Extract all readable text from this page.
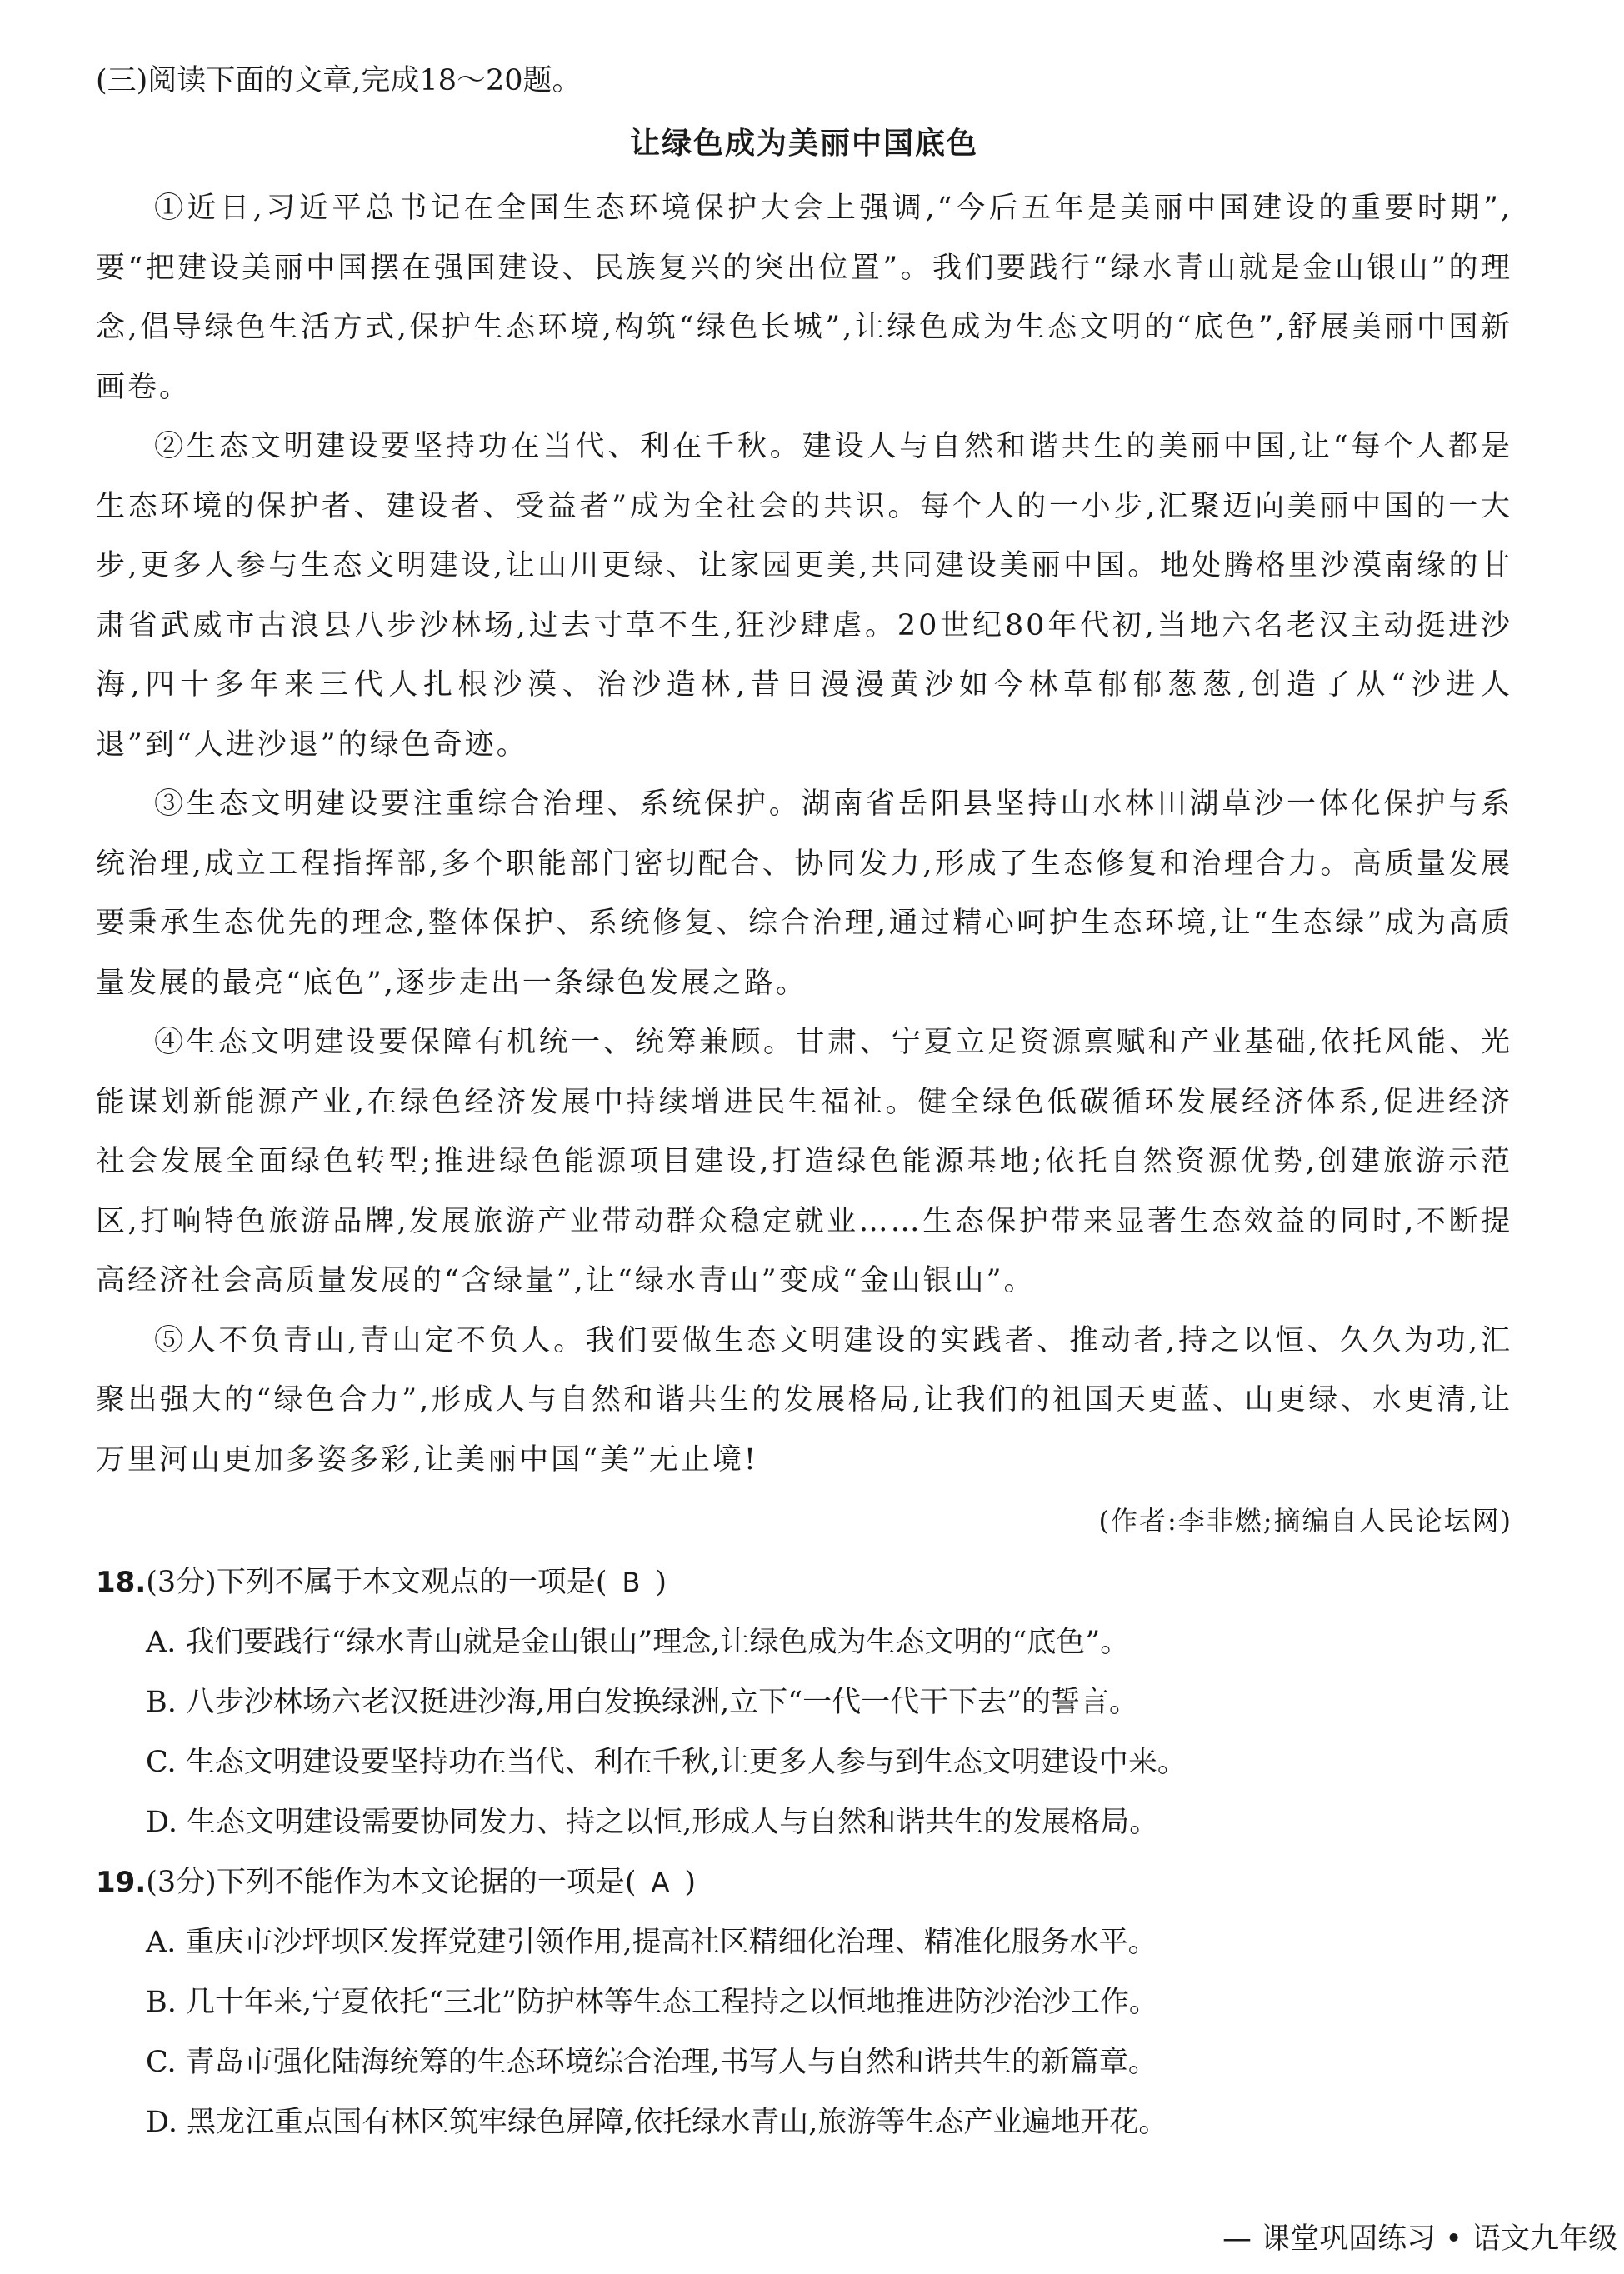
(三)阅读下面的文章,完成18～20题。

让绿色成为美丽中国底色

①近日,习近平总书记在全国生态环境保护大会上强调,“今后五年是美丽中国建设的重要时期”,要“把建设美丽中国摆在强国建设、民族复兴的突出位置”。我们要践行“绿水青山就是金山银山”的理念,倡导绿色生活方式,保护生态环境,构筑“绿色长城”,让绿色成为生态文明的“底色”,舒展美丽中国新画卷。

②生态文明建设要坚持功在当代、利在千秋。建设人与自然和谐共生的美丽中国,让“每个人都是生态环境的保护者、建设者、受益者”成为全社会的共识。每个人的一小步,汇聚迈向美丽中国的一大步,更多人参与生态文明建设,让山川更绿、让家园更美,共同建设美丽中国。地处腾格里沙漠南缘的甘肃省武威市古浪县八步沙林场,过去寸草不生,狂沙肆虐。20世纪80年代初,当地六名老汉主动挺进沙海,四十多年来三代人扎根沙漠、治沙造林,昔日漫漫黄沙如今林草郁郁葱葱,创造了从“沙进人退”到“人进沙退”的绿色奇迹。

③生态文明建设要注重综合治理、系统保护。湖南省岳阳县坚持山水林田湖草沙一体化保护与系统治理,成立工程指挥部,多个职能部门密切配合、协同发力,形成了生态修复和治理合力。高质量发展要秉承生态优先的理念,整体保护、系统修复、综合治理,通过精心呵护生态环境,让“生态绿”成为高质量发展的最亮“底色”,逐步走出一条绿色发展之路。

④生态文明建设要保障有机统一、统筹兼顾。甘肃、宁夏立足资源禀赋和产业基础,依托风能、光能谋划新能源产业,在绿色经济发展中持续增进民生福祉。健全绿色低碳循环发展经济体系,促进经济社会发展全面绿色转型;推进绿色能源项目建设,打造绿色能源基地;依托自然资源优势,创建旅游示范区,打响特色旅游品牌,发展旅游产业带动群众稳定就业……生态保护带来显著生态效益的同时,不断提高经济社会高质量发展的“含绿量”,让“绿水青山”变成“金山银山”。

⑤人不负青山,青山定不负人。我们要做生态文明建设的实践者、推动者,持之以恒、久久为功,汇聚出强大的“绿色合力”,形成人与自然和谐共生的发展格局,让我们的祖国天更蓝、山更绿、水更清,让万里河山更加多姿多彩,让美丽中国“美”无止境!

(作者:李非燃;摘编自人民论坛网)

18.(3分)下列不属于本文观点的一项是( B )

A. 我们要践行“绿水青山就是金山银山”理念,让绿色成为生态文明的“底色”。

B. 八步沙林场六老汉挺进沙海,用白发换绿洲,立下“一代一代干下去”的誓言。

C. 生态文明建设要坚持功在当代、利在千秋,让更多人参与到生态文明建设中来。

D. 生态文明建设需要协同发力、持之以恒,形成人与自然和谐共生的发展格局。

19.(3分)下列不能作为本文论据的一项是( A )

A. 重庆市沙坪坝区发挥党建引领作用,提高社区精细化治理、精准化服务水平。

B. 几十年来,宁夏依托“三北”防护林等生态工程持之以恒地推进防沙治沙工作。

C. 青岛市强化陆海统筹的生态环境综合治理,书写人与自然和谐共生的新篇章。

D. 黑龙江重点国有林区筑牢绿色屏障,依托绿水青山,旅游等生态产业遍地开花。

— 课堂巩固练习 • 语文九年级
